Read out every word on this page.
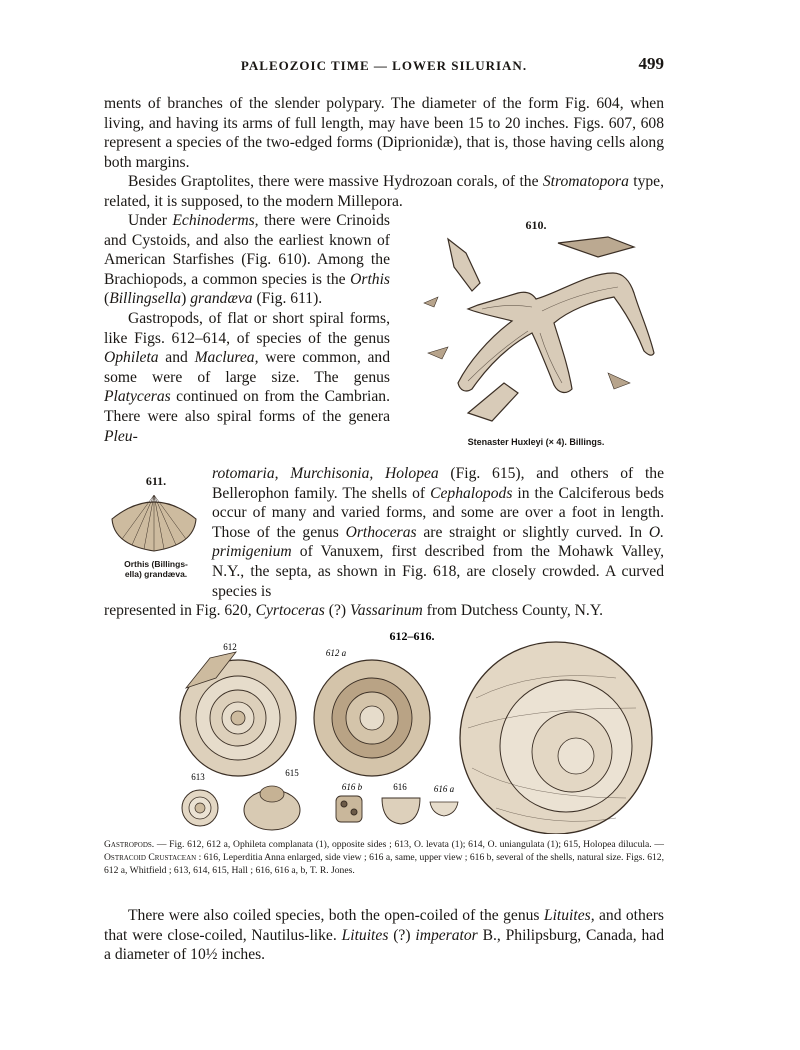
PALEOZOIC TIME — LOWER SILURIAN.	499
ments of branches of the slender polypary. The diameter of the form Fig. 604, when living, and having its arms of full length, may have been 15 to 20 inches. Figs. 607, 608 represent a species of the two-edged forms (Diprionidæ), that is, those having cells along both margins.
Besides Graptolites, there were massive Hydrozoan corals, of the Stromatopora type, related, it is supposed, to the modern Millepora.
Under Echinoderms, there were Crinoids and Cystoids, and also the earliest known of American Starfishes (Fig. 610). Among the Brachiopods, a common species is the Orthis (Billingsella) grandæva (Fig. 611).
Gastropods, of flat or short spiral forms, like Figs. 612–614, of species of the genus Ophileta and Maclurea, were common, and some were of large size. The genus Platyceras continued on from the Cambrian. There were also spiral forms of the genera Pleu-
610.
Stenaster Huxleyi (× 4). Billings.
611.
Orthis (Billings-
ella) grandæva.
rotomaria, Murchisonia, Holopea (Fig. 615), and others of the Bellerophon family. The shells of Cephalopods in the Calciferous beds occur of many and varied forms, and some are over a foot in length. Those of the genus Orthoceras are straight or slightly curved. In O. primigenium of Vanuxem, first described from the Mohawk Valley, N.Y., the septa, as shown in Fig. 618, are closely crowded. A curved species is
represented in Fig. 620, Cyrtoceras (?) Vassarinum from Dutchess County, N.Y.
612–616.
612
612 a
613	615
616 b	616	616 a
Gastropods. — Fig. 612, 612 a, Ophileta complanata (1), opposite sides ; 613, O. levata (1); 614, O. uniangulata (1); 615, Holopea dilucula. — Ostracoid Crustacean : 616, Leperditia Anna enlarged, side view ; 616 a, same, upper view ; 616 b, several of the shells, natural size. Figs. 612, 612 a, Whitfield ; 613, 614, 615, Hall ; 616, 616 a, b, T. R. Jones.
There were also coiled species, both the open-coiled of the genus Lituites, and others that were close-coiled, Nautilus-like. Lituites (?) imperator B., Philipsburg, Canada, had a diameter of 10½ inches.
